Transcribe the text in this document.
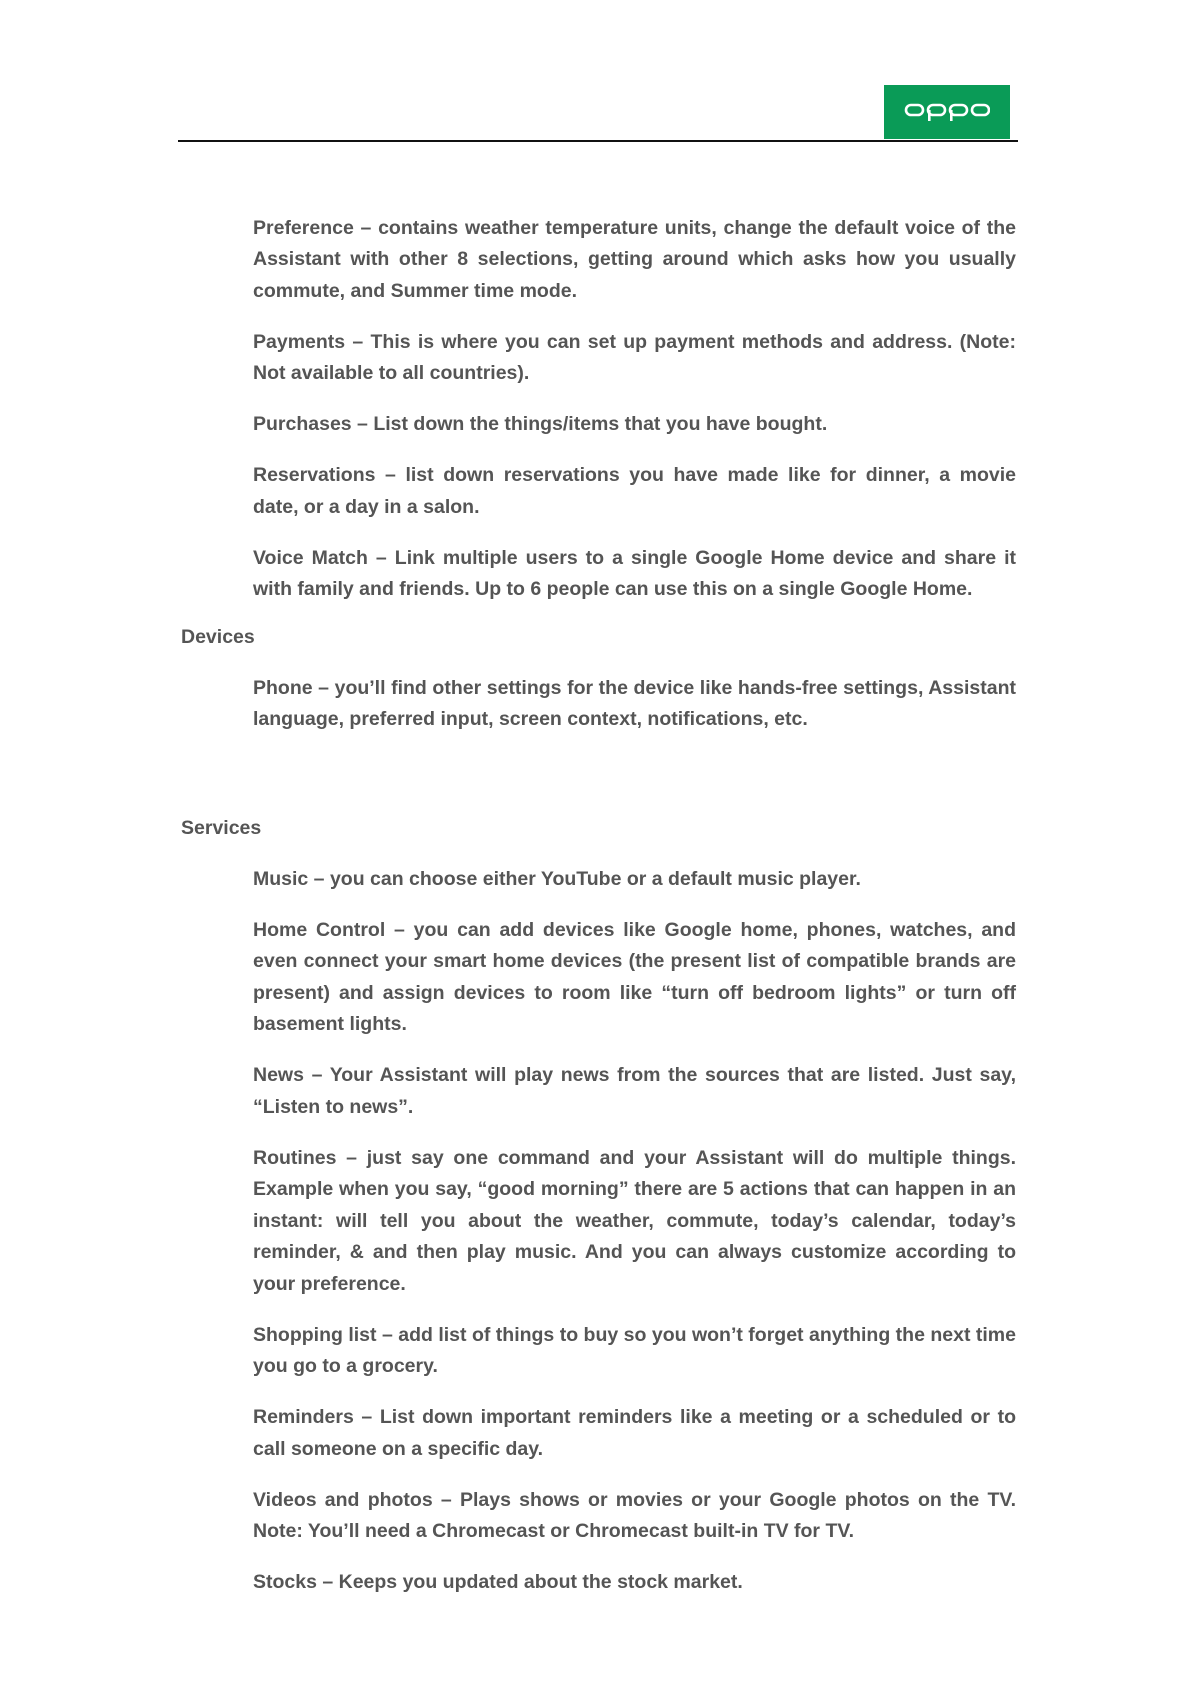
Preference – contains weather temperature units, change the default voice of the Assistant with other 8 selections, getting around which asks how you usually commute, and Summer time mode.

Payments – This is where you can set up payment methods and address. (Note: Not available to all countries).

Purchases – List down the things/items that you have bought.

Reservations – list down reservations you have made like for dinner, a movie date, or a day in a salon.

Voice Match – Link multiple users to a single Google Home device and share it with family and friends. Up to 6 people can use this on a single Google Home.

Devices

Phone – you’ll find other settings for the device like hands-free settings, Assistant language, preferred input, screen context, notifications, etc.

Services

Music – you can choose either YouTube or a default music player.

Home Control – you can add devices like Google home, phones, watches, and even connect your smart home devices (the present list of compatible brands are present) and assign devices to room like “turn off bedroom lights” or turn off basement lights.

News – Your Assistant will play news from the sources that are listed. Just say, “Listen to news”.

Routines – just say one command and your Assistant will do multiple things. Example when you say, “good morning” there are 5 actions that can happen in an instant: will tell you about the weather, commute, today’s calendar, today’s reminder, & and then play music. And you can always customize according to your preference.

Shopping list – add list of things to buy so you won’t forget anything the next time you go to a grocery.

Reminders – List down important reminders like a meeting or a scheduled or to call someone on a specific day.

Videos and photos – Plays shows or movies or your Google photos on the TV. Note: You’ll need a Chromecast or Chromecast built-in TV for TV.

Stocks – Keeps you updated about the stock market.
